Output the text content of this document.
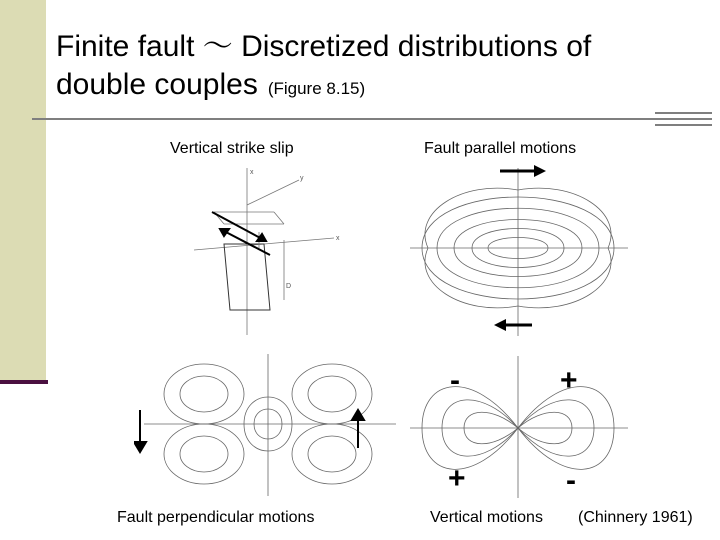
Finite fault ～ Discretized distributions of
double couples (Figure 8.15)
Vertical strike slip	Fault parallel motions
Fault perpendicular motions	Vertical motions (Chinnery 1961)
x
y
x
D
-	+
+	-
